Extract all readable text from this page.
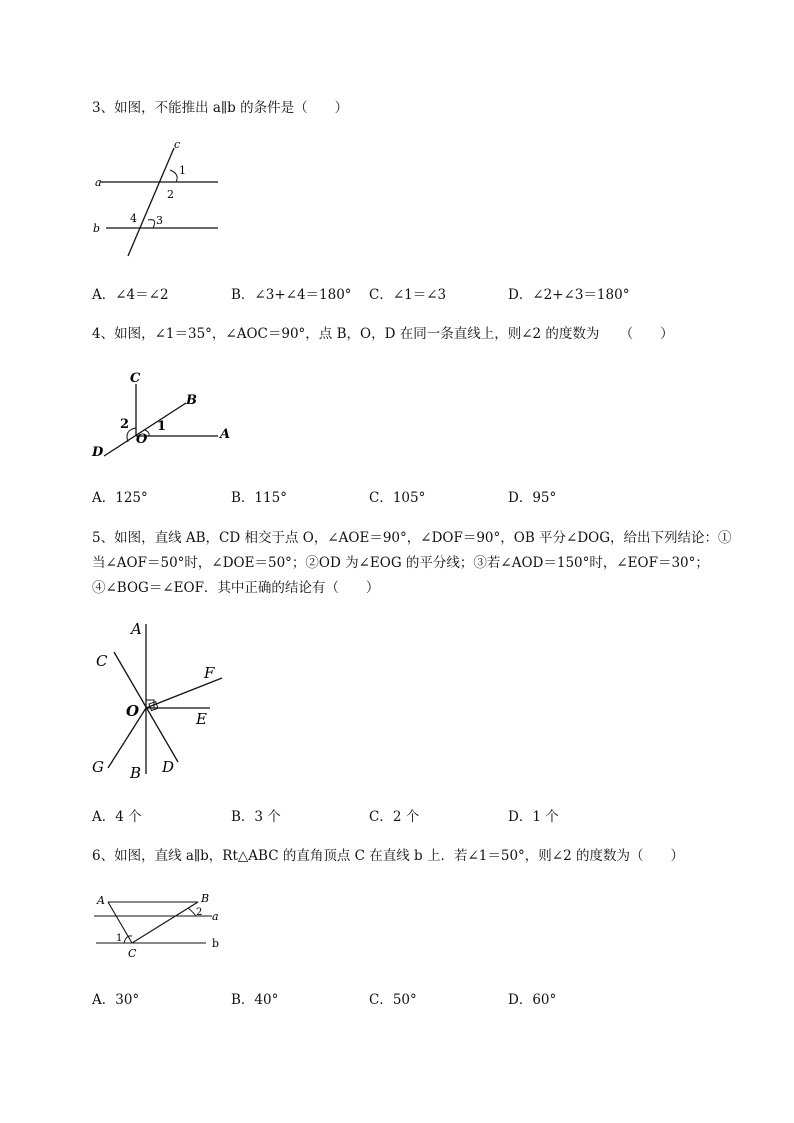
3、如图，不能推出 a∥b 的条件是（　　）
c
1
a
2
b
4 3
A．∠4＝∠2	B．∠3+∠4＝180° C．∠1＝∠3	D．∠2+∠3＝180°
4、如图，∠1＝35°，∠AOC＝90°，点 B，O，D 在同一条直线上，则∠2 的度数为　　（　　）
C
B
2 1
O	A
D
A．125°	B．115°	C．105°	D．95°
5、如图，直线 AB，CD 相交于点 O，∠AOE＝90°，∠DOF＝90°，OB 平分∠DOG，给出下列结论：①当∠AOF＝50°时，∠DOE＝50°；②OD 为∠EOG 的平分线；③若∠AOD＝150°时，∠EOF＝30°；④∠BOG＝∠EOF．其中正确的结论有（　　）
A
C
F
O	E
G B D
A．4 个	B．3 个	C．2 个	D．1 个
6、如图，直线 a∥b，Rt△ABC 的直角顶点 C 在直线 b 上．若∠1＝50°，则∠2 的度数为（　　）
A	B
2 a
1	b
C
A．30°	B．40°	C．50°	D．60°
